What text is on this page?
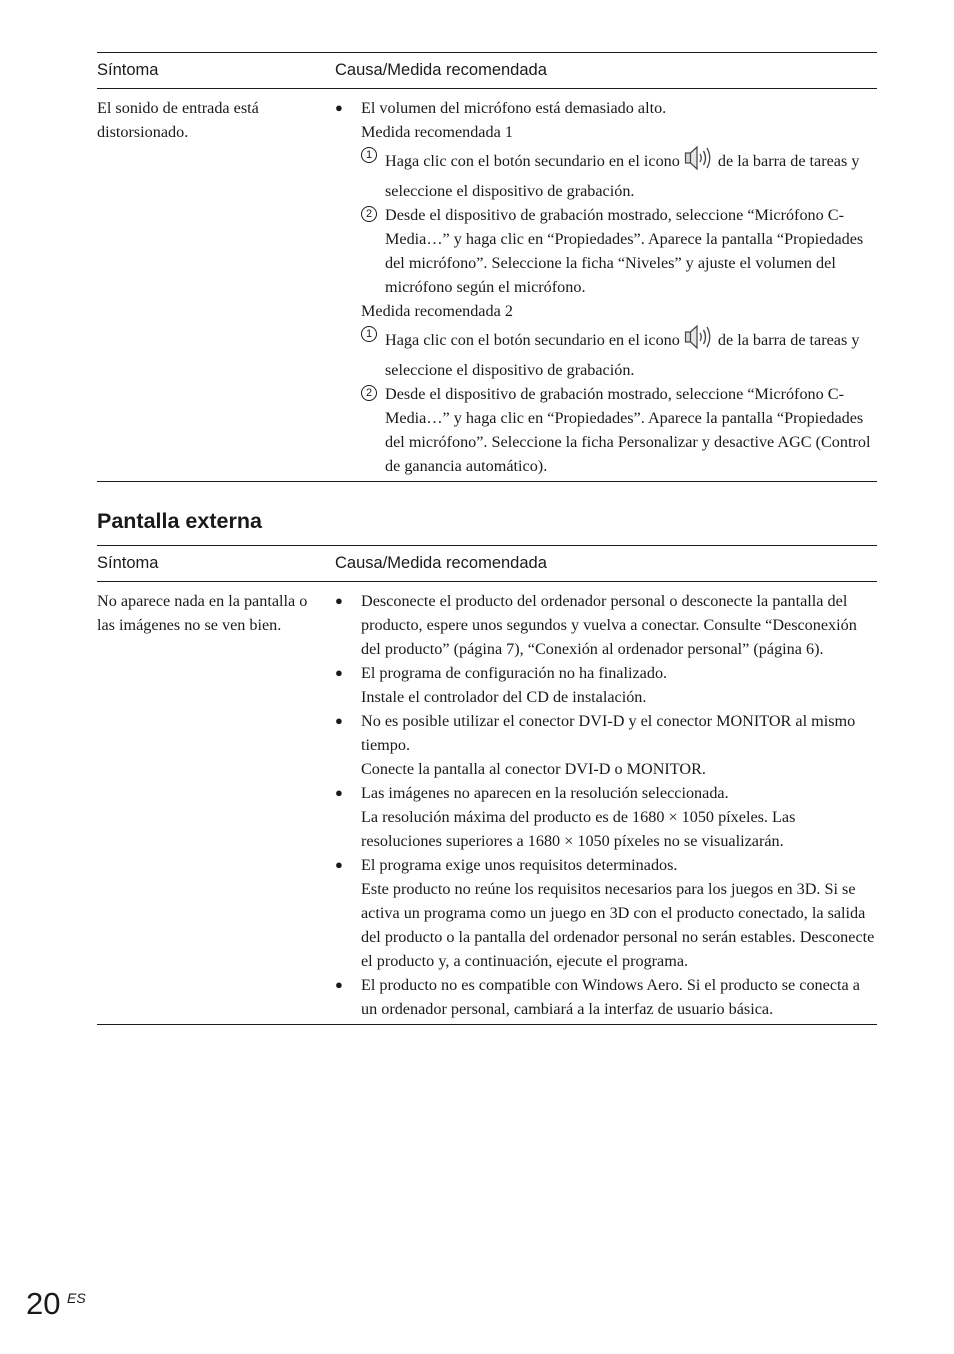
Síntoma	Causa/Medida recomendada
El sonido de entrada está distorsionado.
● El volumen del micrófono está demasiado alto.
Medida recomendada 1
1 Haga clic con el botón secundario en el icono de la barra de tareas y seleccione el dispositivo de grabación.
2 Desde el dispositivo de grabación mostrado, seleccione “Micrófono C-Media…” y haga clic en “Propiedades”. Aparece la pantalla “Propiedades del micrófono”. Seleccione la ficha “Niveles” y ajuste el volumen del micrófono según el micrófono.
Medida recomendada 2
1 Haga clic con el botón secundario en el icono de la barra de tareas y seleccione el dispositivo de grabación.
2 Desde el dispositivo de grabación mostrado, seleccione “Micrófono C-Media…” y haga clic en “Propiedades”. Aparece la pantalla “Propiedades del micrófono”. Seleccione la ficha Personalizar y desactive AGC (Control de ganancia automático).
Pantalla externa
Síntoma	Causa/Medida recomendada
No aparece nada en la pantalla o las imágenes no se ven bien.
● Desconecte el producto del ordenador personal o desconecte la pantalla del producto, espere unos segundos y vuelva a conectar. Consulte “Desconexión del producto” (página 7), “Conexión al ordenador personal” (página 6).
● El programa de configuración no ha finalizado.
Instale el controlador del CD de instalación.
● No es posible utilizar el conector DVI-D y el conector MONITOR al mismo tiempo.
Conecte la pantalla al conector DVI-D o MONITOR.
● Las imágenes no aparecen en la resolución seleccionada.
La resolución máxima del producto es de 1680 × 1050 píxeles. Las resoluciones superiores a 1680 × 1050 píxeles no se visualizarán.
● El programa exige unos requisitos determinados.
Este producto no reúne los requisitos necesarios para los juegos en 3D. Si se activa un programa como un juego en 3D con el producto conectado, la salida del producto o la pantalla del ordenador personal no serán estables. Desconecte el producto y, a continuación, ejecute el programa.
● El producto no es compatible con Windows Aero. Si el producto se conecta a un ordenador personal, cambiará a la interfaz de usuario básica.
20 ES
